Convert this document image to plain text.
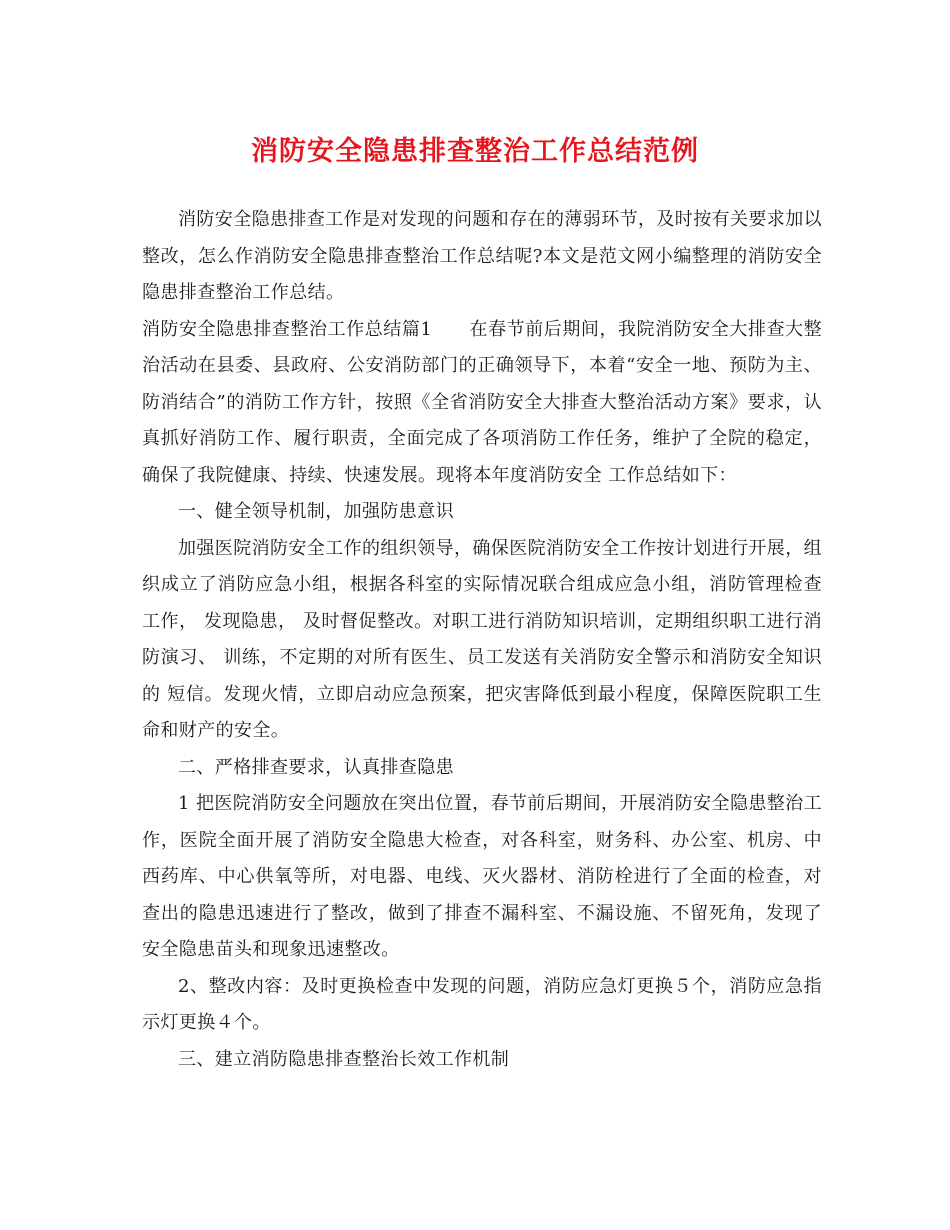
消防安全隐患排查整治工作总结范例

消防安全隐患排查工作是对发现的问题和存在的薄弱环节，及时按有关要求加以整改，怎么作消防安全隐患排查整治工作总结呢?本文是范文网小编整理的消防安全隐患排查整治工作总结。

消防安全隐患排查整治工作总结篇1　　在春节前后期间，我院消防安全大排查大整治活动在县委、县政府、公安消防部门的正确领导下，本着“安全一地、预防为主、防消结合”的消防工作方针，按照《全省消防安全大排查大整治活动方案》要求，认真抓好消防工作、履行职责，全面完成了各项消防工作任务，维护了全院的稳定，确保了我院健康、持续、快速发展。现将本年度消防安全 工作总结如下：

一、健全领导机制，加强防患意识

加强医院消防安全工作的组织领导，确保医院消防安全工作按计划进行开展，组织成立了消防应急小组，根据各科室的实际情况联合组成应急小组，消防管理检查工作， 发现隐患， 及时督促整改。对职工进行消防知识培训，定期组织职工进行消防演习、 训练，不定期的对所有医生、员工发送有关消防安全警示和消防安全知识的 短信。发现火情，立即启动应急预案，把灾害降低到最小程度，保障医院职工生命和财产的安全。

二、严格排查要求，认真排查隐患

1 把医院消防安全问题放在突出位置，春节前后期间，开展消防安全隐患整治工作，医院全面开展了消防安全隐患大检查，对各科室，财务科、办公室、机房、中西药库、中心供氧等所，对电器、电线、灭火器材、消防栓进行了全面的检查，对查出的隐患迅速进行了整改，做到了排查不漏科室、不漏设施、不留死角，发现了安全隐患苗头和现象迅速整改。

2、整改内容：及时更换检查中发现的问题，消防应急灯更换５个，消防应急指示灯更换４个。

三、建立消防隐患排查整治长效工作机制
